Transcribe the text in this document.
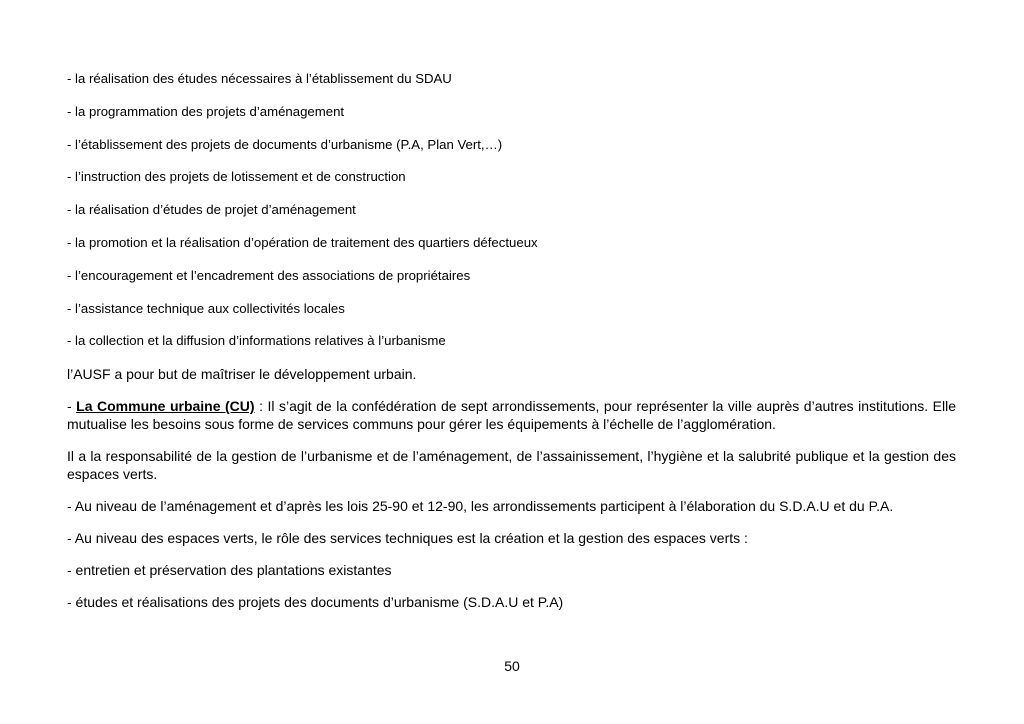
- la réalisation des études nécessaires à l’établissement du SDAU

- la programmation des projets d’aménagement

- l’établissement des projets de documents d’urbanisme (P.A, Plan Vert,…)

- l’instruction des projets de lotissement et de construction

- la réalisation d’études de projet d’aménagement

- la promotion et la réalisation d’opération de traitement des quartiers défectueux

- l’encouragement et l’encadrement des associations de propriétaires

- l’assistance technique aux collectivités locales

- la collection et la diffusion d’informations relatives à l’urbanisme

l’AUSF a pour but de maîtriser le développement urbain.

- La Commune urbaine (CU) : Il s’agit de la confédération de sept arrondissements, pour représenter la ville auprès d’autres institutions. Elle mutualise les besoins sous forme de services communs pour gérer les équipements à l’échelle de l’agglomération.

Il a la responsabilité de la gestion de l’urbanisme et de l’aménagement, de l’assainissement, l’hygiène et la salubrité publique et la gestion des espaces verts.

- Au niveau de l’aménagement et d’après les lois 25-90 et 12-90, les arrondissements participent à l’élaboration du S.D.A.U et du P.A.

- Au niveau des espaces verts, le rôle des services techniques est la création et la gestion des espaces verts :

- entretien et préservation des plantations existantes

- études et réalisations des projets des documents d’urbanisme (S.D.A.U et P.A)

50
